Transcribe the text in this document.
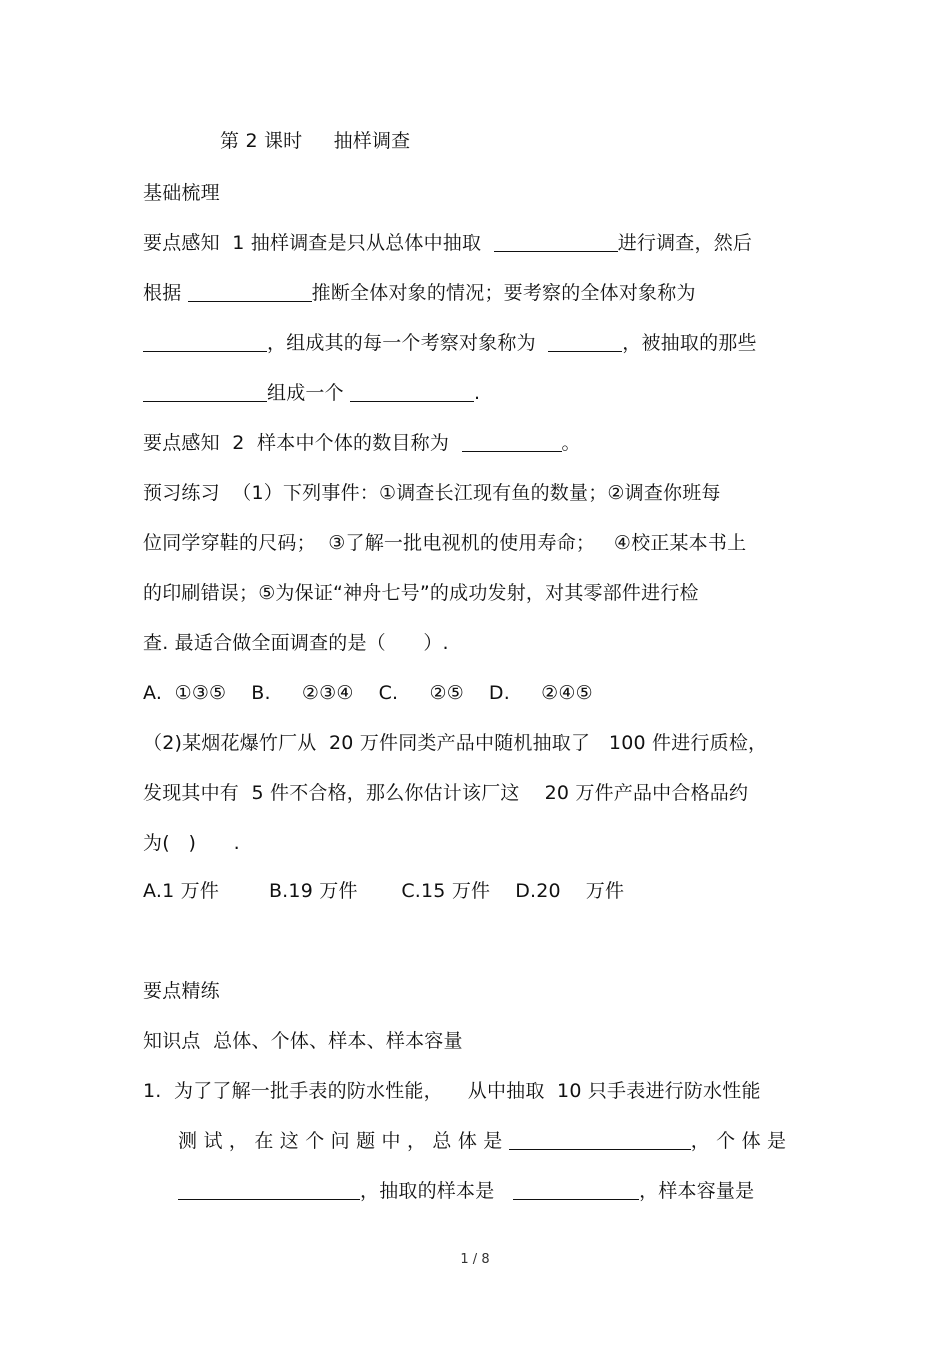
第 2 课时     抽样调查
基础梳理
要点感知  1 抽样调查是只从总体中抽取	进行调查，然后
根据	推断全体对象的情况；要考察的全体对象称为
，组成其的每一个考察对象称为	，被抽取的那些
组成一个	.
要点感知  2  样本中个体的数目称为	。
预习练习  （1）下列事件：①调查长江现有鱼的数量；②调查你班每
位同学穿鞋的尺码；  ③了解一批电视机的使用寿命；   ④校正某本书上
的印刷错误；⑤为保证“神舟七号”的成功发射，对其零部件进行检
查. 最适合做全面调查的是（      ）.
A.  ①③⑤    B.     ②③④    C.     ②⑤    D.     ②④⑤
（2)某烟花爆竹厂从  20 万件同类产品中随机抽取了   100 件进行质检，
发现其中有  5 件不合格，那么你估计该厂这    20 万件产品中合格品约
为(   )      .
A.1 万件        B.19 万件       C.15 万件    D.20    万件
要点精练
知识点  总体、个体、样本、样本容量
1.  为了了解一批手表的防水性能，    从中抽取  10 只手表进行防水性能
测 试 ， 在 这 个 问 题 中 ， 总 体 是	， 个 体 是
，抽取的样本是	，样本容量是
1 / 8
